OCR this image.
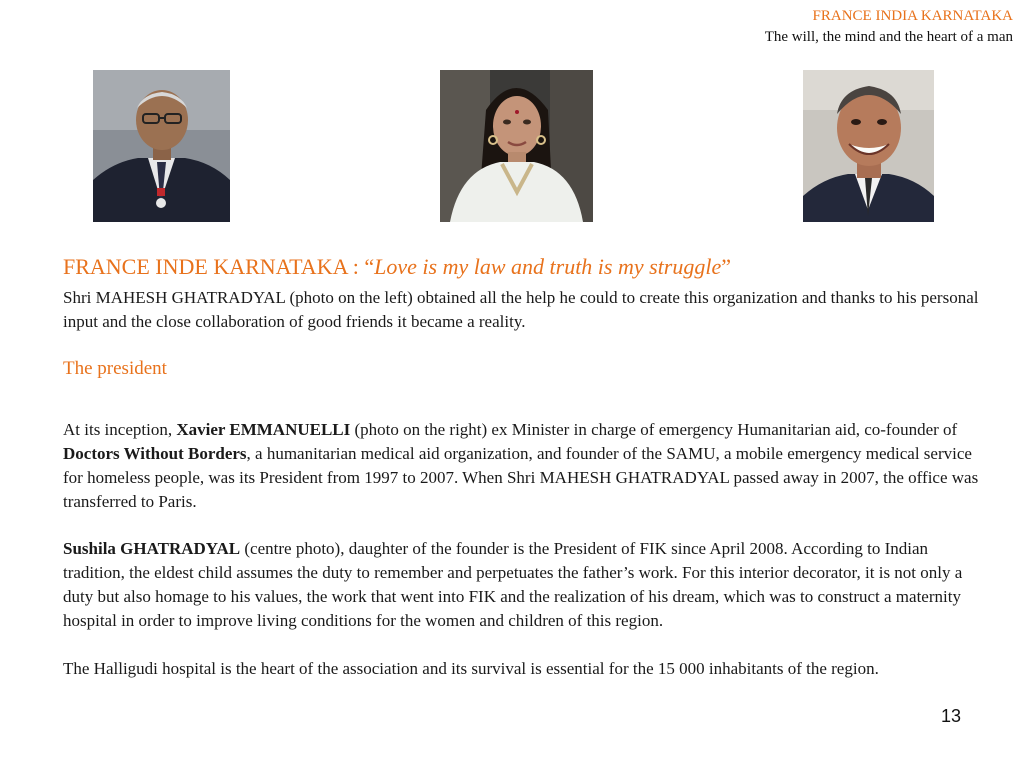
FRANCE INDIA KARNATAKA
The will, the mind and the heart of a man
FRANCE INDE KARNATAKA : “Love is my law and truth is my struggle”

Shri MAHESH GHATRADYAL (photo on the left) obtained all the help he could to create this organization and thanks to his personal input and the close collaboration of good friends it became a reality.

The president

At its inception, Xavier EMMANUELLI (photo on the right) ex Minister in charge of emergency Humanitarian aid, co-founder of Doctors Without Borders, a humanitarian medical aid organization, and founder of the SAMU, a mobile emergency medical service for homeless people, was its President from 1997 to 2007. When Shri MAHESH GHATRADYAL passed away in 2007, the office was transferred to Paris.

Sushila GHATRADYAL (centre photo), daughter of the founder is the President of FIK since April 2008. According to Indian tradition, the eldest child assumes the duty to remember and perpetuates the father’s work. For this interior decorator, it is not only a duty but also homage to his values, the work that went into FIK and the realization of his dream, which was to construct a maternity hospital in order to improve living conditions for the women and children of this region.

The Halligudi hospital is the heart of the association and its survival is essential for the 15 000 inhabitants of the region.

13
